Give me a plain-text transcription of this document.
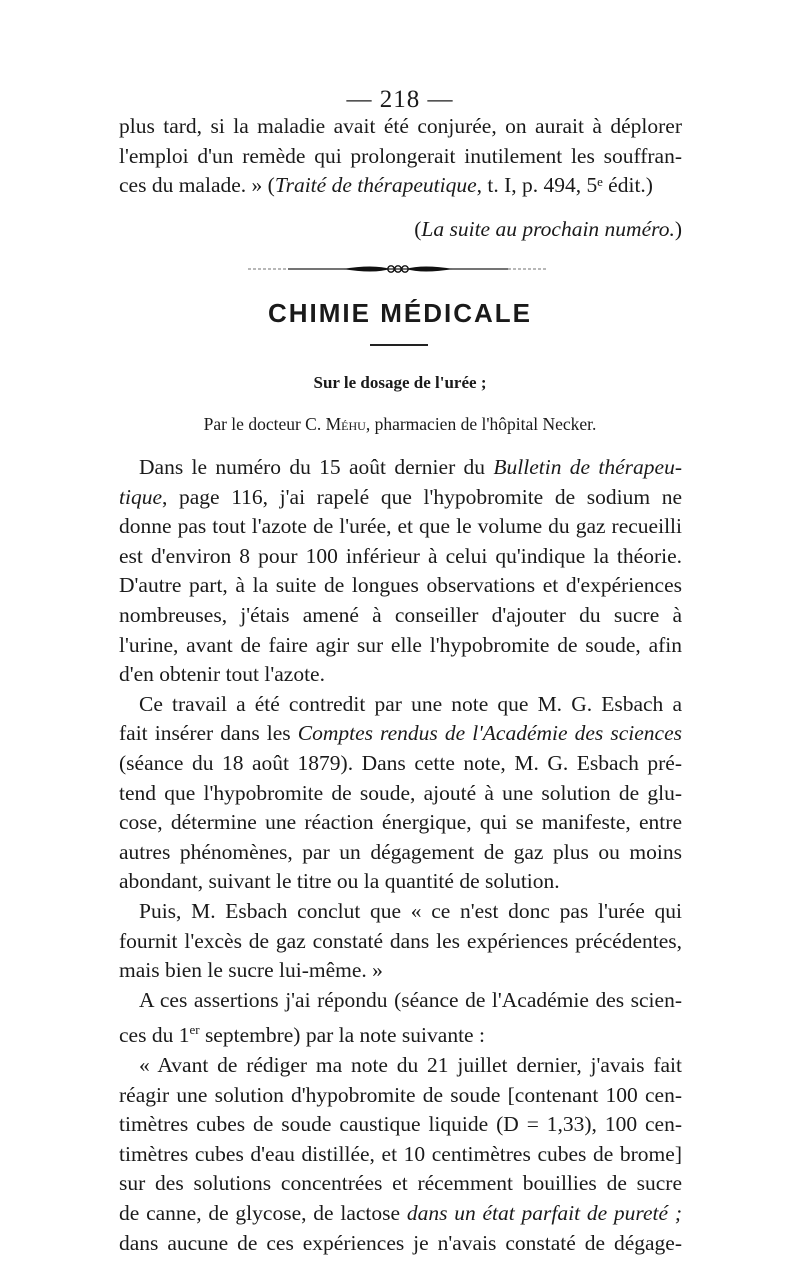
— 218 —

plus tard, si la maladie avait été conjurée, on aurait à déplorer

l'emploi d'un remède qui prolongerait inutilement les souffran-

ces du malade. » (Traité de thérapeutique, t. I, p. 494, 5ᵉ édit.)

(La suite au prochain numéro.)

CHIMIE MÉDICALE
Sur le dosage de l'urée ;
Par le docteur C. Méhu, pharmacien de l'hôpital Necker.

Dans le numéro du 15 août dernier du Bulletin de thérapeu-

tique, page 116, j'ai rapelé que l'hypobromite de sodium ne

donne pas tout l'azote de l'urée, et que le volume du gaz recueilli

est d'environ 8 pour 100 inférieur à celui qu'indique la théorie.

D'autre part, à la suite de longues observations et d'expériences

nombreuses, j'étais amené à conseiller d'ajouter du sucre à

l'urine, avant de faire agir sur elle l'hypobromite de soude, afin

d'en obtenir tout l'azote.

Ce travail a été contredit par une note que M. G. Esbach a

fait insérer dans les Comptes rendus de l'Académie des sciences

(séance du 18 août 1879). Dans cette note, M. G. Esbach pré-

tend que l'hypobromite de soude, ajouté à une solution de glu-

cose, détermine une réaction énergique, qui se manifeste, entre

autres phénomènes, par un dégagement de gaz plus ou moins

abondant, suivant le titre ou la quantité de solution.

Puis, M. Esbach conclut que « ce n'est donc pas l'urée qui

fournit l'excès de gaz constaté dans les expériences précédentes,

mais bien le sucre lui-même. »

A ces assertions j'ai répondu (séance de l'Académie des scien-

ces du 1er septembre) par la note suivante :

« Avant de rédiger ma note du 21 juillet dernier, j'avais fait

réagir une solution d'hypobromite de soude [contenant 100 cen-

timètres cubes de soude caustique liquide (D = 1,33), 100 cen-

timètres cubes d'eau distillée, et 10 centimètres cubes de brome]

sur des solutions concentrées et récemment bouillies de sucre

de canne, de glycose, de lactose dans un état parfait de pureté ;

dans aucune de ces expériences je n'avais constaté de dégage-
